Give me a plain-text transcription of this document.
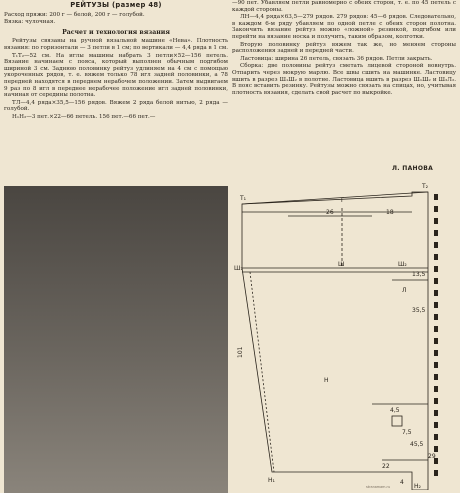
РЕЙТУЗЫ (размер 48)

Расход пряжи: 200 г — белой, 200 г — голубой.

Вязка: чулочная.

Расчет и технология вязания

Рейтузы связаны на ручной вязальной машине «Нева». Плотность вязания: по горизонтали — 3 петли в 1 см; по вертикали — 4,4 ряда в 1 см.

Т₁Т₂—52 см. На иглы машины набрать 3 петли×52—156 петель. Вязание начинаем с пояса, который выполнен обычным подгибом шириной 3 см. Заднюю половинку рейтуз удлиняем на 4 см с помощью укороченных рядов, т. е. вяжем только 78 игл задней половинки, а 78 передней находятся в переднем нерабочем положении. Затем выдвигаем 9 раз по 8 игл в переднее нерабочее положение игл задней половинки, начиная от середины полотна.

ТЛ—4,4 ряда×35,5—156 рядов. Вяжем 2 ряда белой нитью, 2 ряда — голубой.

Н₁Н₂—3 пет.×22—66 петель. 156 пет.—66 пет.—

—90 пет. Убавляем петли равномерно с обеих сторон, т. е. по 45 петель с каждой стороны.

ЛН—4,4 ряда×63,5—279 рядов. 279 рядов: 45—6 рядов. Следовательно, в каждом 6-м ряду убавляем по одной петле с обеих сторон полотна. Закончить вязание рейтуз можно «ложной» резинкой, подгибом или перейти на вязание носка и получить, таким образом, колготки.

Вторую половинку рейтуз вяжем так же, но меняем стороны расположения задней и передней части.

Ластовица: ширина 26 петель, связать 36 рядов. Петли закрыть.

Сборка: две половины рейтуз сметать лицевой стороной вовнутрь. Отпарить через мокрую марлю. Все швы сшить на машинке. Ластовицу вшить в разрез Ш₁Ш₂ в полотне. Ластовица вшить в разрез Ш₁Ш₂ и Ш₂Л₂. В пояс вставить резинку. Рейтузы можно связать на спицах, но, учитывая плотность вязания, сделать свой расчет по выкройке.

Л. ПАНОВА
Т₁	Т
Т₂
26	18
Ш₁
Ш	Ш₂
Л
13,5
35,5
101
Н
4,5
7,5
45,5
22
4
Н₁
Н₂
29
stranamam.ru
